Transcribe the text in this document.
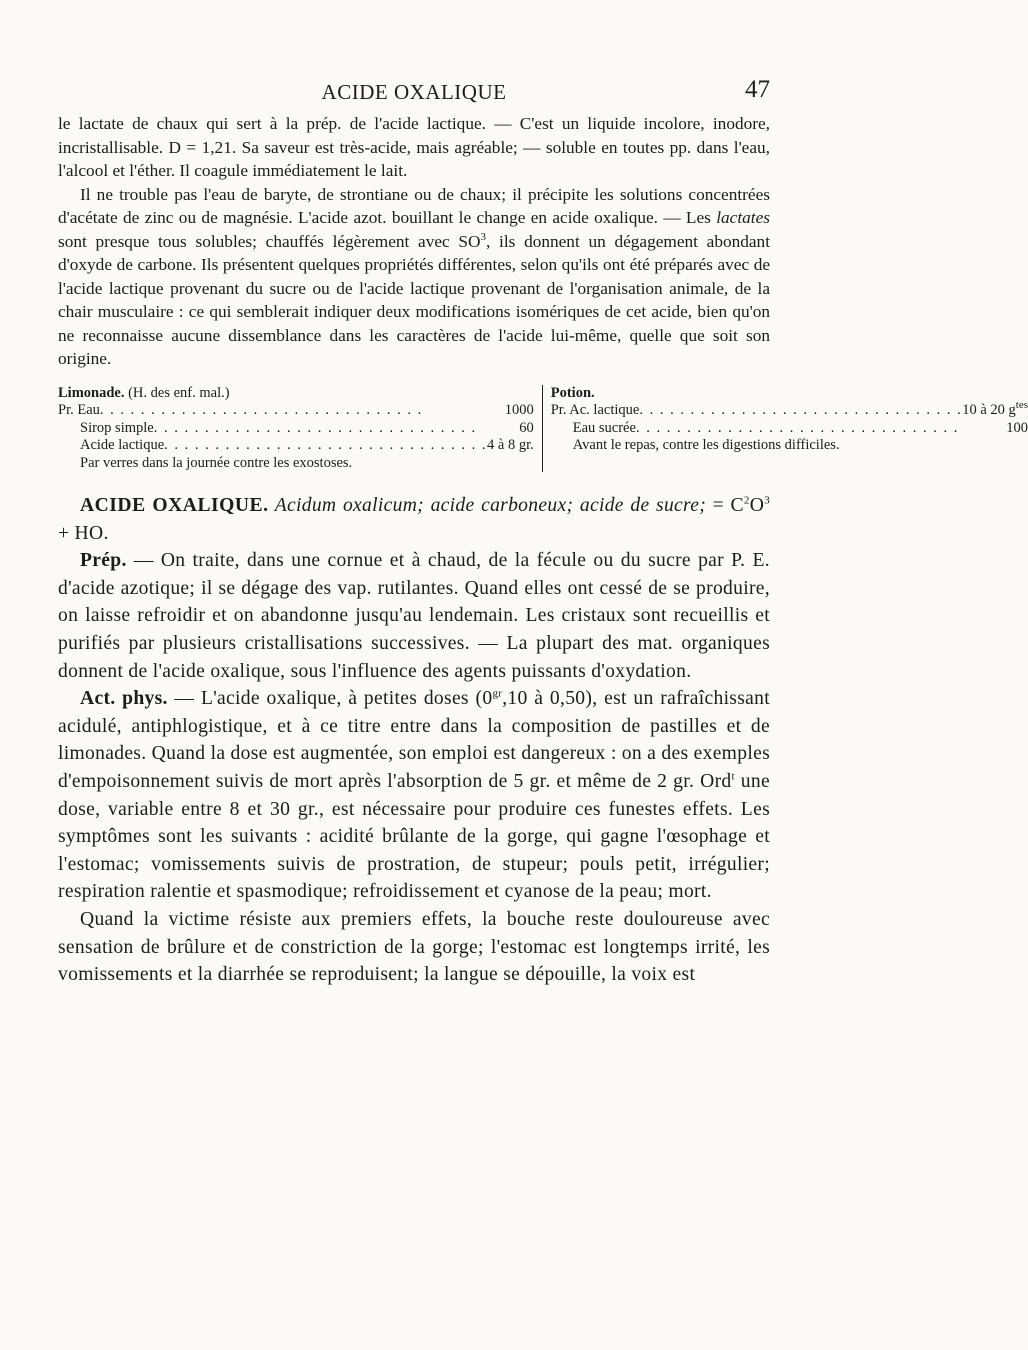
ACIDE OXALIQUE	47

le lactate de chaux qui sert à la prép. de l'acide lactique. — C'est un liquide incolore, inodore, incristallisable. D = 1,21. Sa saveur est très-acide, mais agréable; — soluble en toutes pp. dans l'eau, l'alcool et l'éther. Il coagule immédiatement le lait.

Il ne trouble pas l'eau de baryte, de strontiane ou de chaux; il précipite les solutions concentrées d'acétate de zinc ou de magnésie. L'acide azot. bouillant le change en acide oxalique. — Les lactates sont presque tous solubles; chauffés légèrement avec $SO^3$, ils donnent un dégagement abondant d'oxyde de carbone. Ils présentent quelques propriétés différentes, selon qu'ils ont été préparés avec de l'acide lactique provenant du sucre ou de l'acide lactique provenant de l'organisation animale, de la chair musculaire : ce qui semblerait indiquer deux modifications isomériques de cet acide, bien qu'on ne reconnaisse aucune dissemblance dans les caractères de l'acide lui-même, quelle que soit son origine.

Limonade. (H. des enf. mal.)
Pr. Eau . . . . . . . . . . . . . . . . . . . . . . . . . . . . . . . .	1000
Sirop simple . . . . . . . . . . . . . . . . . . . . . . . . . . . . . . . .	60
Acide lactique . . . . . . . . . . . . . . . . . . . . . . . . . . . . . . . . 4 à 8 gr.
Par verres dans la journée contre les exostoses.
Potion.
Pr. Ac. lactique . . . . . . . . . . . . . . . . . . . . . . . . . . . . . . . . 10 à 20 $g^{tes}$
Eau sucrée . . . . . . . . . . . . . . . . . . . . . . . . . . . . . . . .	100
Avant le repas, contre les digestions difficiles.

ACIDE OXALIQUE. Acidum oxalicum; acide carboneux; acide de sucre; = $C^2O^3$ + HO.

Prép. — On traite, dans une cornue et à chaud, de la fécule ou du sucre par P. E. d'acide azotique; il se dégage des vap. rutilantes. Quand elles ont cessé de se produire, on laisse refroidir et on abandonne jusqu'au lendemain. Les cristaux sont recueillis et purifiés par plusieurs cristallisations successives. — La plupart des mat. organiques donnent de l'acide oxalique, sous l'influence des agents puissants d'oxydation.

Act. phys. — L'acide oxalique, à petites doses ($0^{gr},10$ à 0,50), est un rafraîchissant acidulé, antiphlogistique, et à ce titre entre dans la composition de pastilles et de limonades. Quand la dose est augmentée, son emploi est dangereux : on a des exemples d'empoisonnement suivis de mort après l'absorption de 5 gr. et même de 2 gr. Ord$^t$ une dose, variable entre 8 et 30 gr., est nécessaire pour produire ces funestes effets. Les symptômes sont les suivants : acidité brûlante de la gorge, qui gagne l'œsophage et l'estomac; vomissements suivis de prostration, de stupeur; pouls petit, irrégulier; respiration ralentie et spasmodique; refroidissement et cyanose de la peau; mort.

Quand la victime résiste aux premiers effets, la bouche reste douloureuse avec sensation de brûlure et de constriction de la gorge; l'estomac est longtemps irrité, les vomissements et la diarrhée se reproduisent; la langue se dépouille, la voix est
